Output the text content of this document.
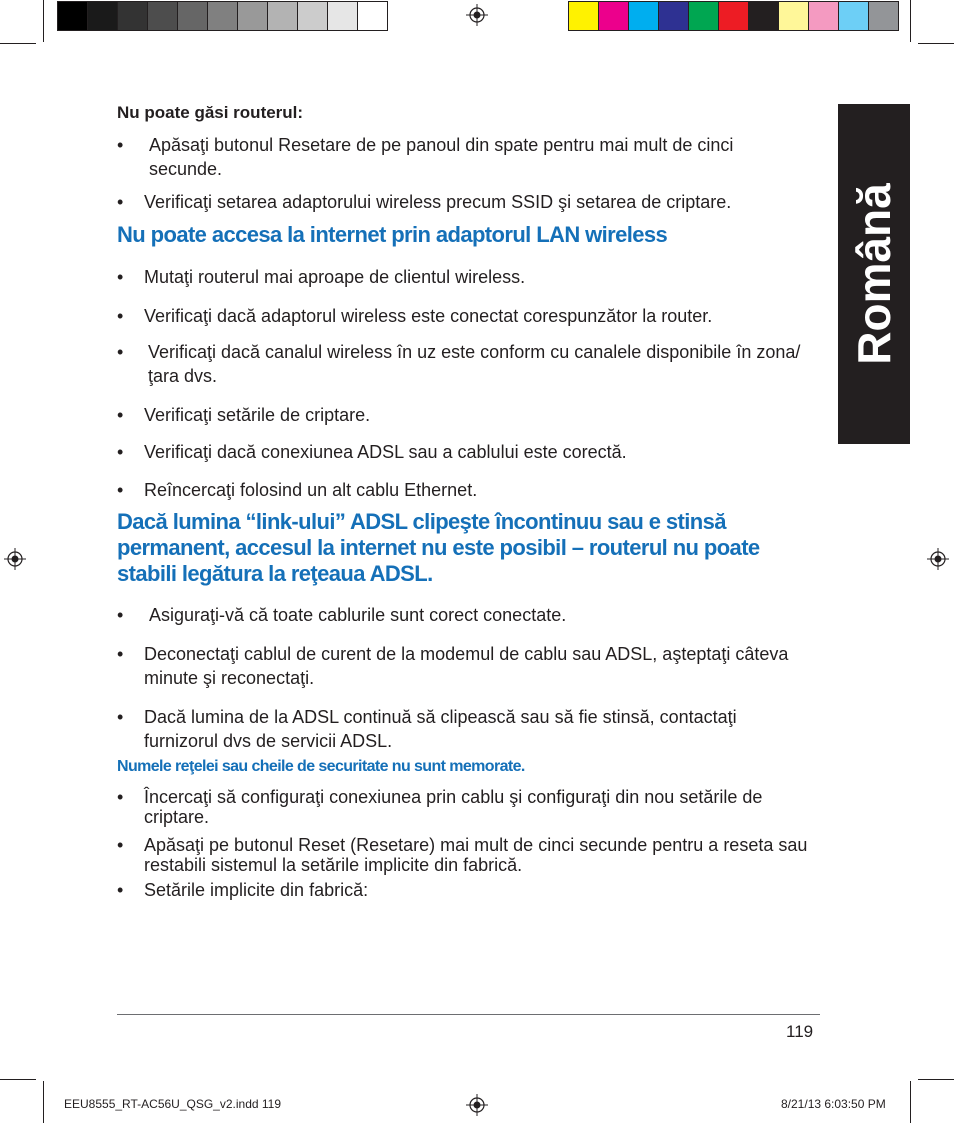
Română
Nu poate găsi routerul:
• Apăsaţi butonul Resetare de pe panoul din spate pentru mai mult de cinci secunde.
• Verificaţi setarea adaptorului wireless precum SSID şi setarea de criptare.
Nu poate accesa la internet prin adaptorul LAN wireless
• Mutaţi routerul mai aproape de clientul wireless.
• Verificaţi dacă adaptorul wireless este conectat corespunzător la router.
• Verificaţi dacă canalul wireless în uz este conform cu canalele disponibile în zona/ţara dvs.
• Verificaţi setările de criptare.
• Verificaţi dacă conexiunea ADSL sau a cablului este corectă.
• Reîncercaţi folosind un alt cablu Ethernet.
Dacă lumina “link-ului” ADSL clipeşte încontinuu sau e stinsă
permanent, accesul la internet nu este posibil – routerul nu poate
stabili legătura la reţeaua ADSL.
• Asiguraţi-vă că toate cablurile sunt corect conectate.
• Deconectaţi cablul de curent de la modemul de cablu sau ADSL, aşteptaţi câteva minute şi reconectaţi.
• Dacă lumina de la ADSL continuă să clipească sau să fie stinsă, contactaţi furnizorul dvs de servicii ADSL.
Numele reţelei sau cheile de securitate nu sunt memorate.
• Încercaţi să configuraţi conexiunea prin cablu şi configuraţi din nou setările de criptare.
• Apăsaţi pe butonul Reset (Resetare) mai mult de cinci secunde pentru a reseta sau restabili sistemul la setările implicite din fabrică.
• Setările implicite din fabrică:
119
EEU8555_RT-AC56U_QSG_v2.indd 119	8/21/13 6:03:50 PM
